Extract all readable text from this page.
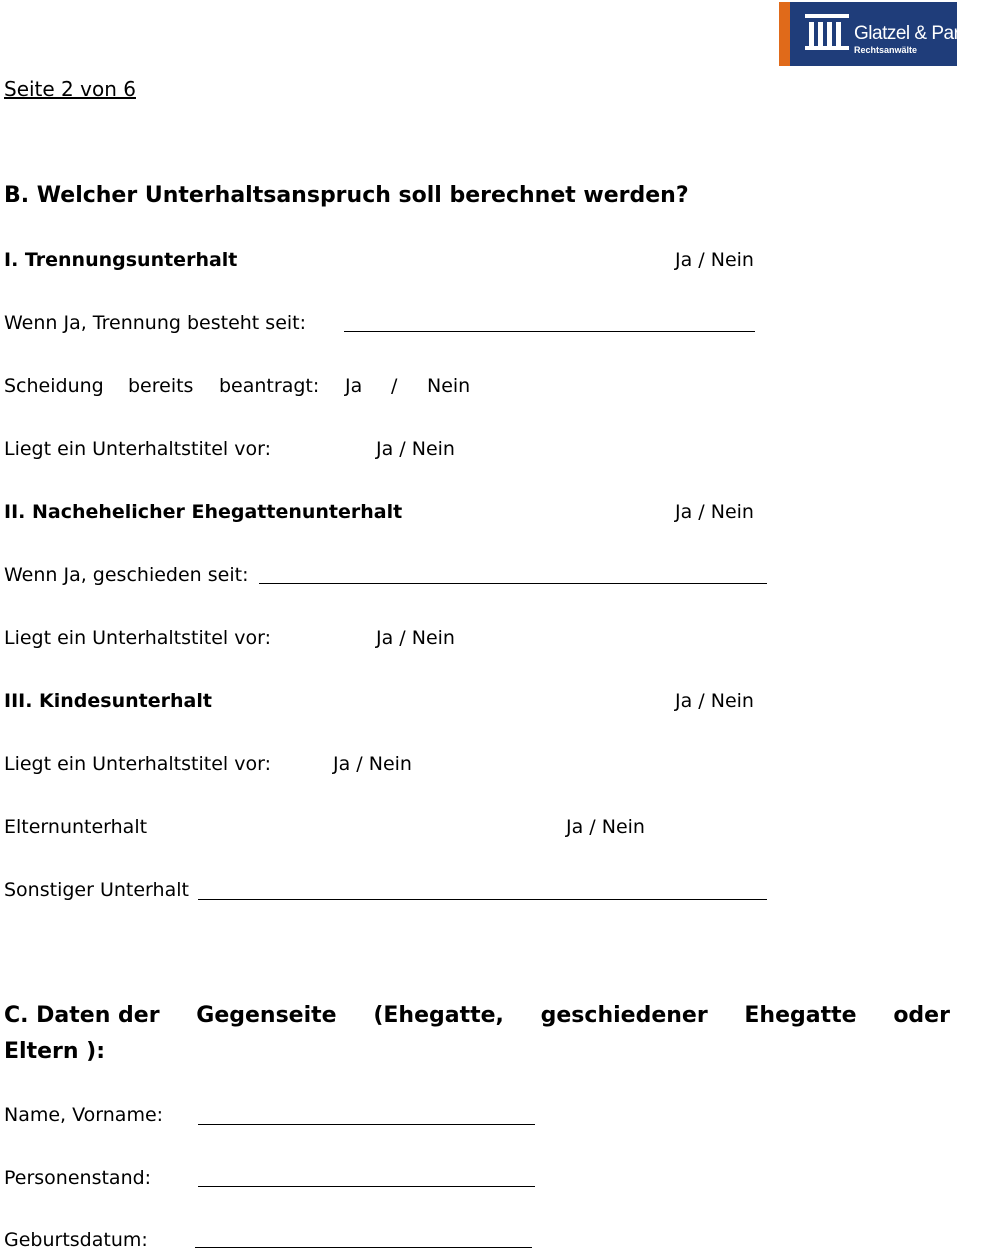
Glatzel & Partner
Rechtsanwälte
Seite 2 von 6
B. Welcher Unterhaltsanspruch soll berechnet werden?
I. Trennungsunterhalt	Ja / Nein
Wenn Ja, Trennung besteht seit:
Scheidung bereits beantragt: Ja / Nein
Liegt ein Unterhaltstitel vor:	Ja / Nein
II. Nachehelicher Ehegattenunterhalt	Ja / Nein
Wenn Ja, geschieden seit:
Liegt ein Unterhaltstitel vor:	Ja / Nein
III. Kindesunterhalt	Ja / Nein
Liegt ein Unterhaltstitel vor:	Ja / Nein
Elternunterhalt	Ja / Nein
Sonstiger Unterhalt
C. Daten der Gegenseite (Ehegatte, geschiedener Ehegatte oder
Eltern ):
Name, Vorname:
Personenstand:
Geburtsdatum:
